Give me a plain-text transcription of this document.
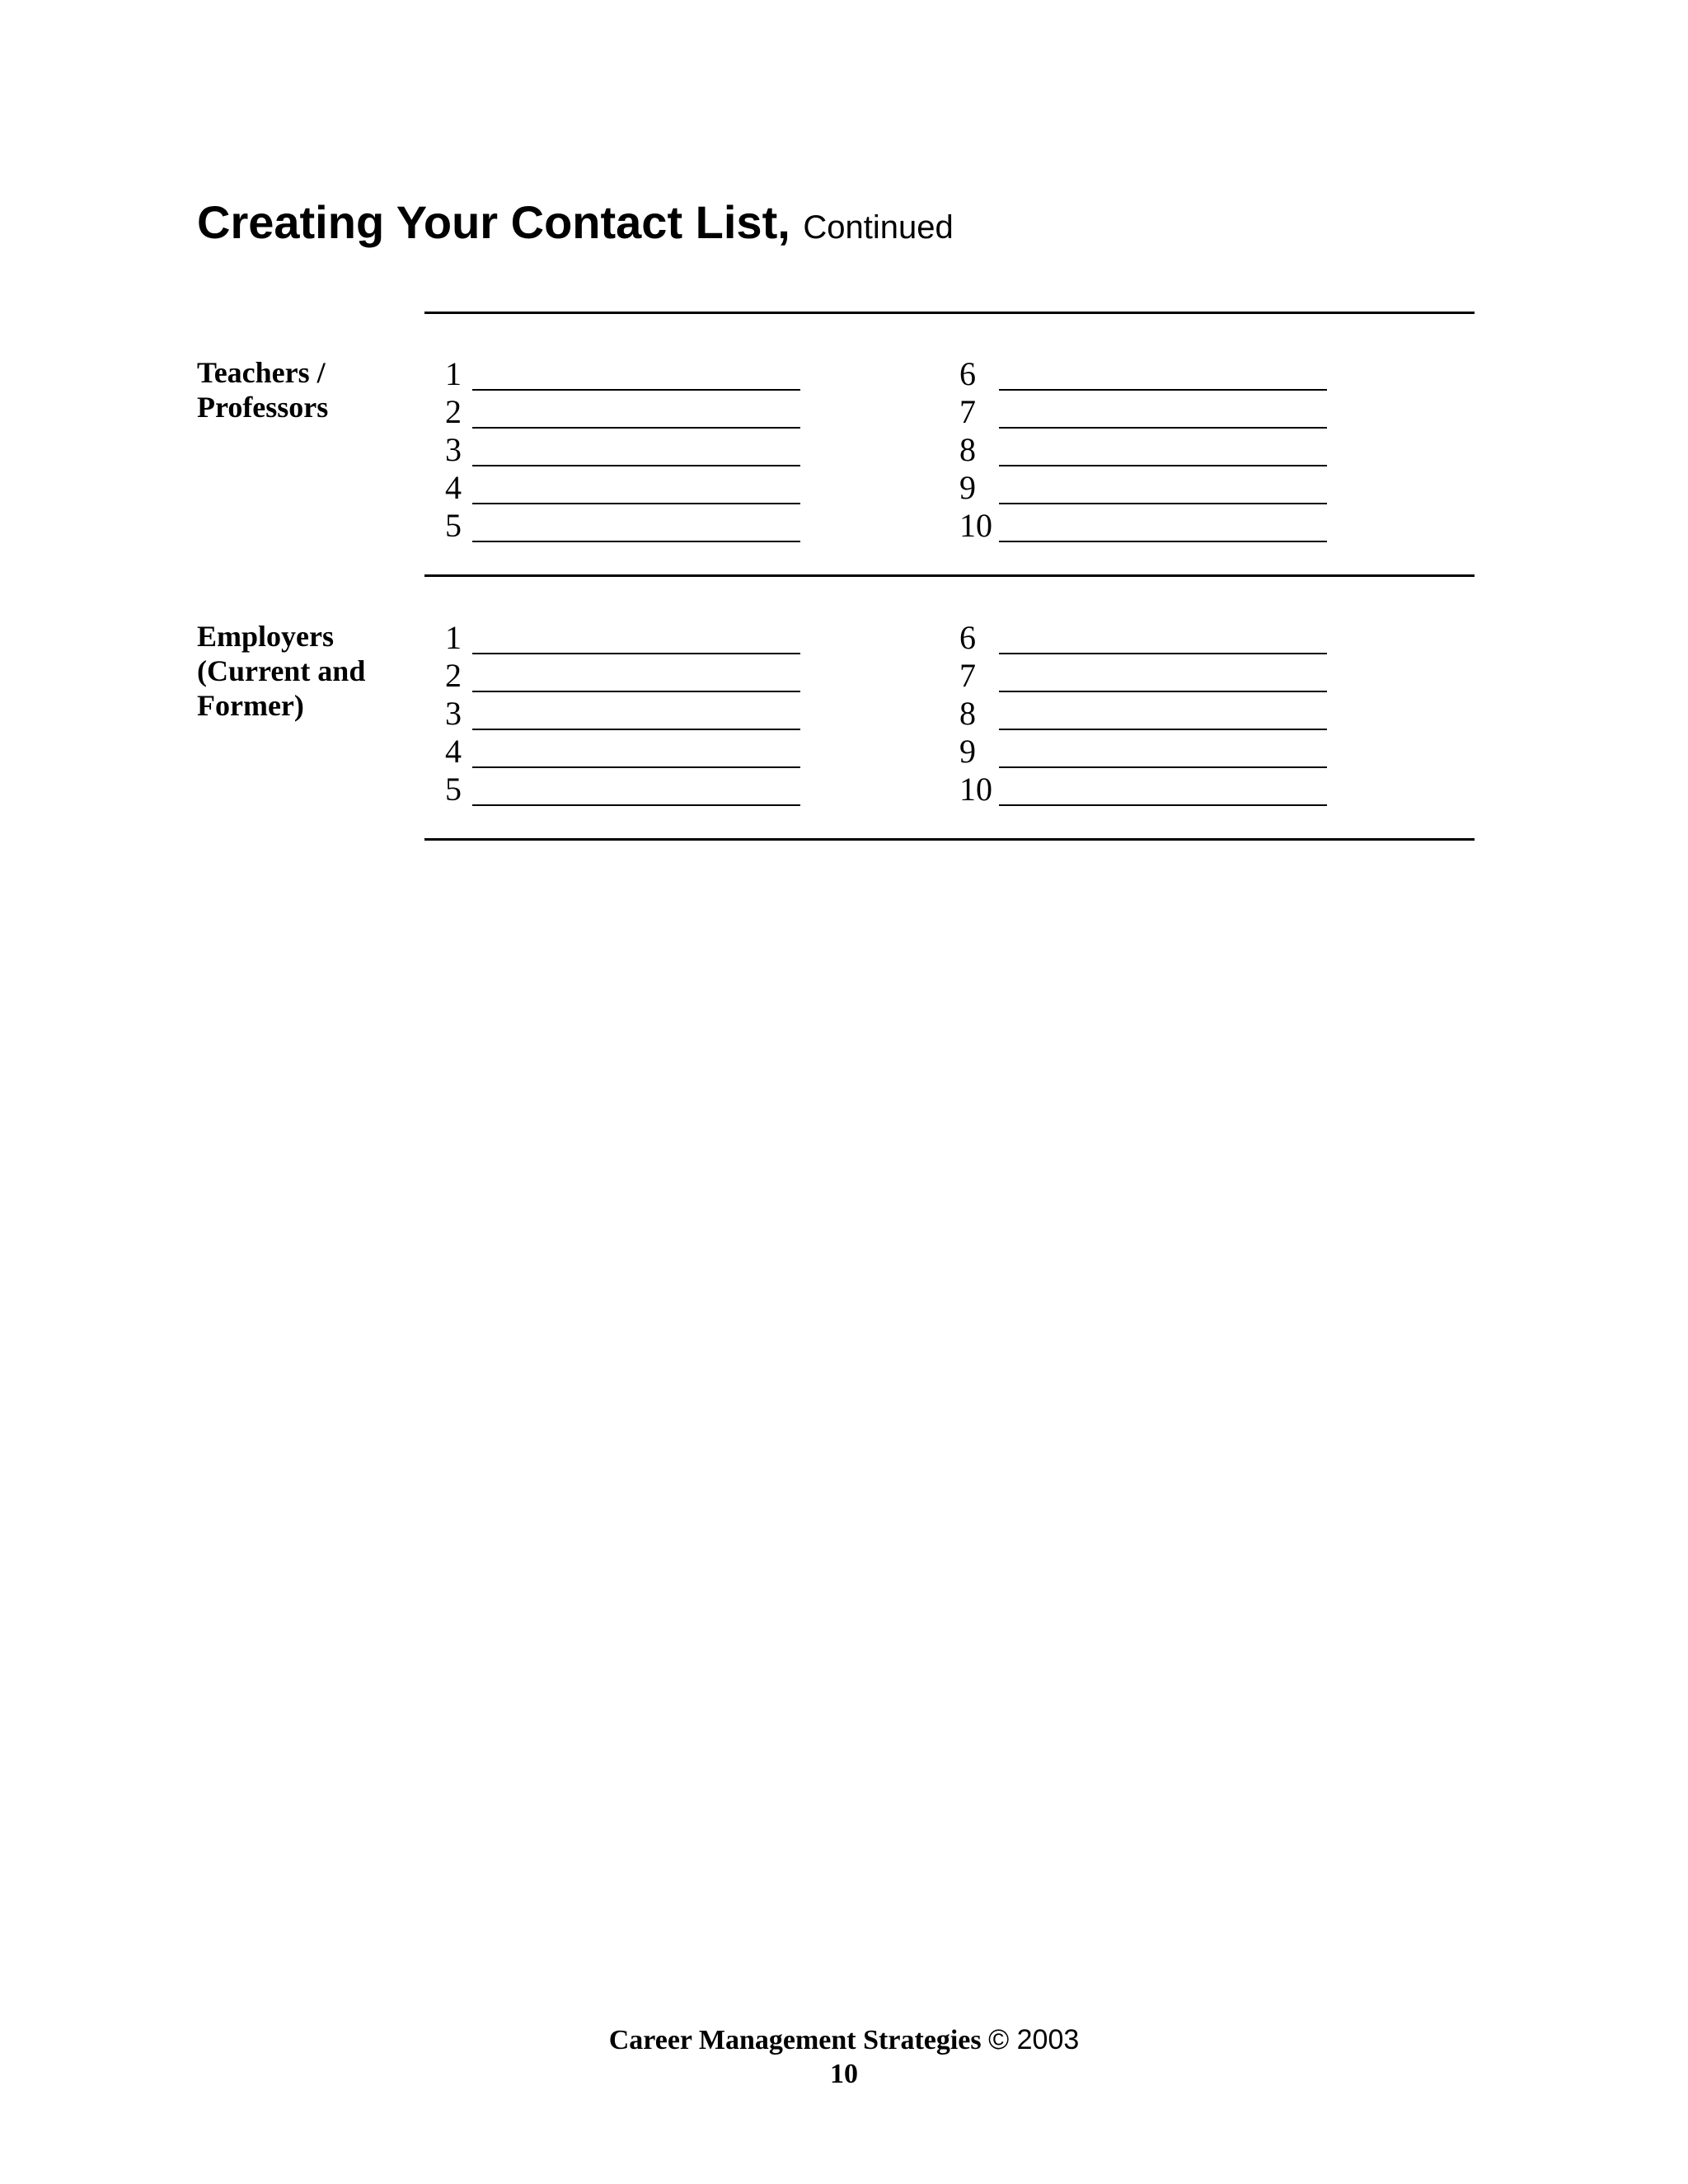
Creating Your Contact List, Continued
Teachers /
Professors
1
2
3
4
5
6
7
8
9
10
Employers
(Current and
Former)
1
2
3
4
5
6
7
8
9
10
Career Management Strategies © 2003
10
